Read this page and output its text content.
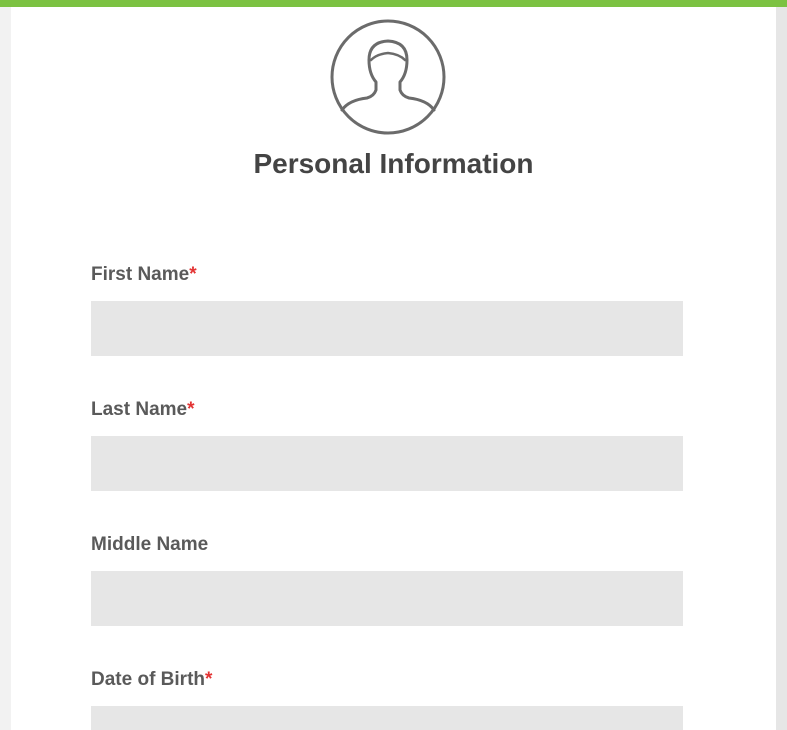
Personal Information
First Name*
Last Name*
Middle Name
Date of Birth*
